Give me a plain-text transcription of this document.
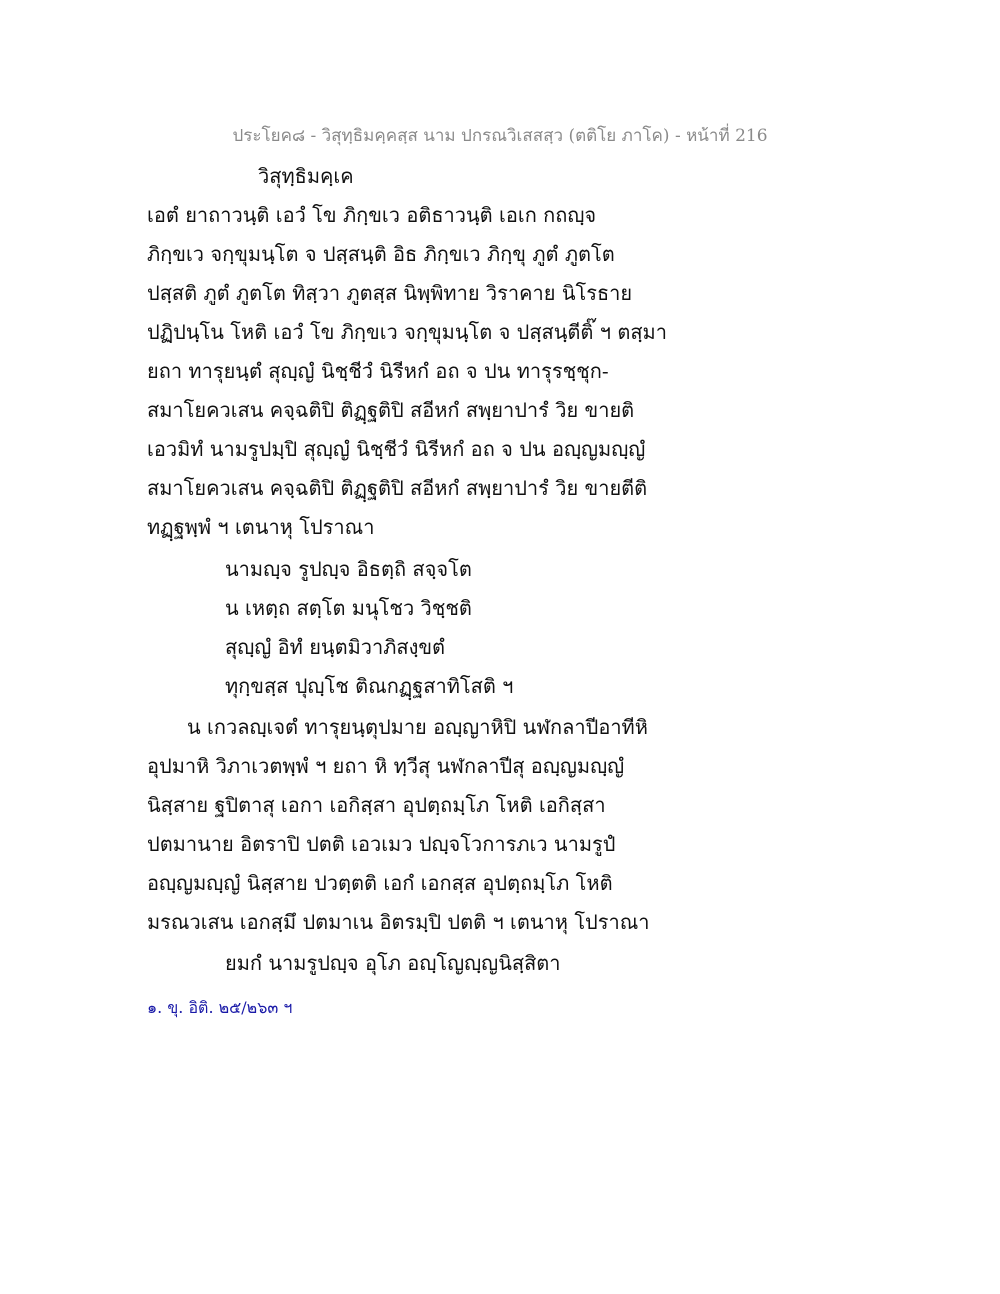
ประโยค๘ - วิสุทฺธิมคฺคสฺส นาม ปกรณวิเสสสฺว (ตติโย ภาโค) - หน้าที่ 216
วิสุทฺธิมคฺเค
เอตํ ยาถาวนฺติ เอวํ โข ภิกฺขเว อติธาวนฺติ เอเก กถญฺจ
ภิกฺขเว จกฺขุมนฺโต จ ปสฺสนฺติ อิธ ภิกฺขเว ภิกฺขุ ภูตํ ภูตโต
ปสฺสติ ภูตํ ภูตโต ทิสฺวา ภูตสฺส นิพฺพิทาย วิราคาย นิโรธาย
ปฏิปนฺโน โหติ เอวํ โข ภิกฺขเว จกฺขุมนฺโต จ ปสฺสนฺตีติ๊ ฯ ตสฺมา
ยถา ทารุยนฺตํ สุญฺญํ นิชฺชีวํ นิรีหกํ อถ จ ปน ทารุรชฺชุก-
สมาโยควเสน คจฺฉติปิ ติฏฺฐติปิ สอีหกํ สพฺยาปารํ วิย ขายติ
เอวมิทํ นามรูปมฺปิ สุญฺญํ นิชฺชีวํ นิรีหกํ อถ จ ปน อญฺญมญฺญํ
สมาโยควเสน คจฺฉติปิ ติฏฺฐติปิ สอีหกํ สพฺยาปารํ วิย ขายตีติ
ทฏฺฐพฺพํ ฯ เตนาหุ โปราณา
นามญฺจ รูปญฺจ อิธตฺถิ สจฺจโต
น เหตฺถ สตฺโต มนุโชว วิชฺชติ
สุญฺญํ อิทํ ยนฺตมิวาภิสงฺขตํ
ทุกฺขสฺส ปุญฺโช ติณกฏฺฐสาทิโสติ ฯ
น เกวลญฺเจตํ ทารุยนฺตุปมาย อญฺญาหิปิ นฬกลาปีอาทีหิ
อุปมาหิ วิภาเวตพฺพํ ฯ ยถา หิ ทฺวีสุ นฬกลาปีสุ อญฺญมญฺญํ
นิสฺสาย ฐปิตาสุ เอกา เอกิสฺสา อุปตฺถมฺโภ โหติ เอกิสฺสา
ปตมานาย อิตราปิ ปตติ เอวเมว ปญฺจโวการภเว นามรูปํ
อญฺญมญฺญํ นิสฺสาย ปวตฺตติ เอกํ เอกสฺส อุปตฺถมฺโภ โหติ
มรณวเสน เอกสฺมึ ปตมาเน อิตรมฺปิ ปตติ ฯ เตนาหุ โปราณา
ยมกํ นามรูปญฺจ อุโภ อญฺโญญฺญนิสฺสิตา
๑. ขุ. อิติ. ๒๕/๒๖๓ ฯ
